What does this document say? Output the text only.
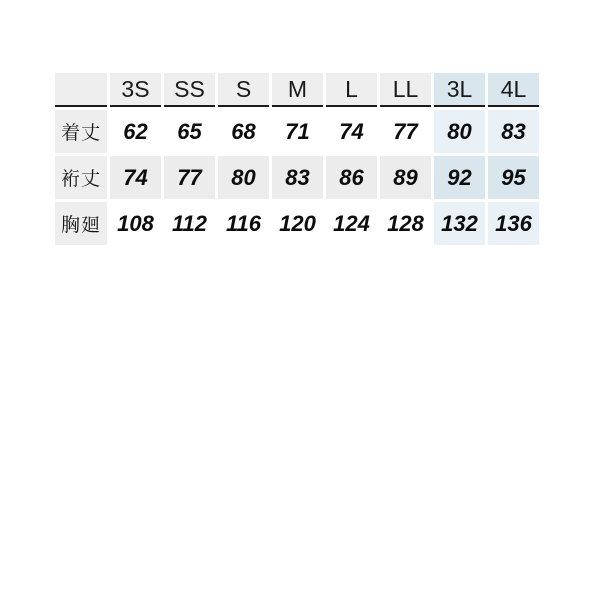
	3S	SS	S	M	L	LL	3L	4L
着丈	62	65	68	71	74	77	80	83
裄丈	74	77	80	83	86	89	92	95
胸廻	108	112	116	120	124	128	132	136
